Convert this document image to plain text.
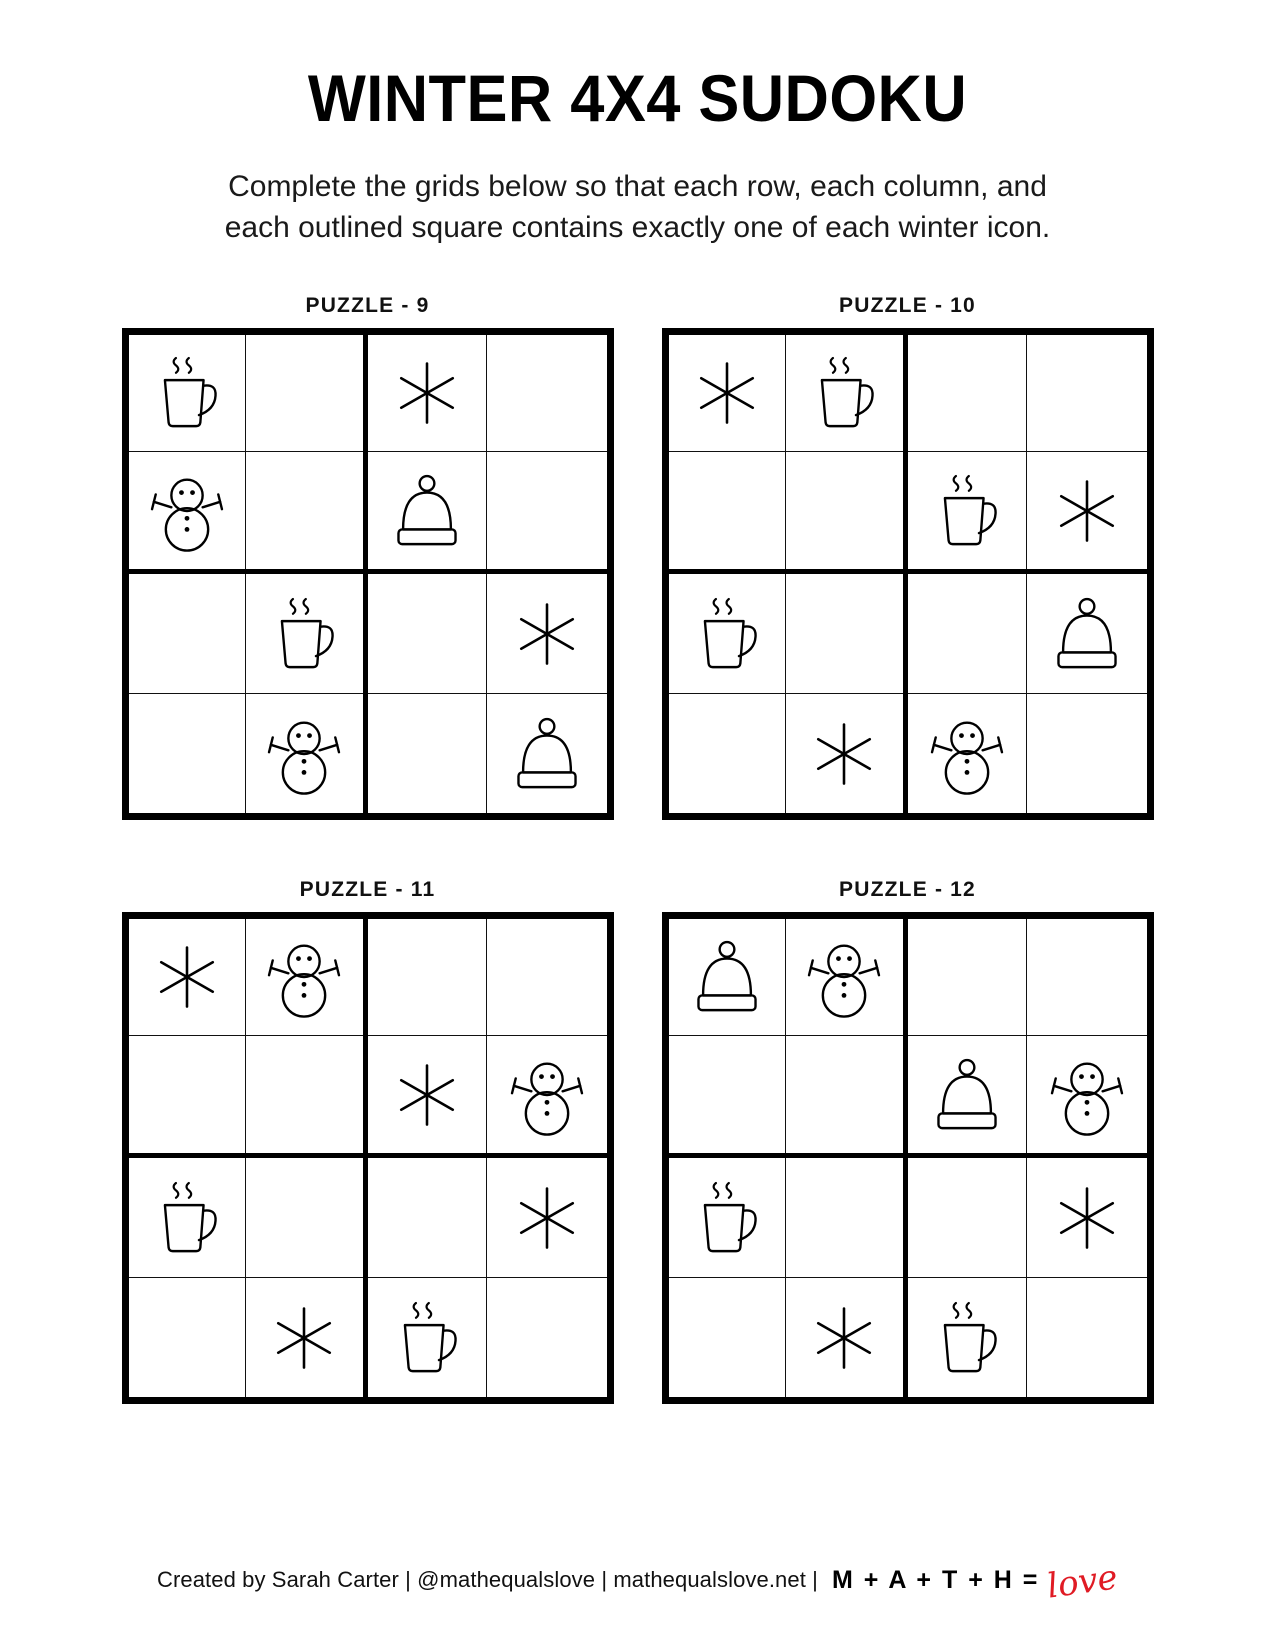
WINTER 4X4 SUDOKU
Complete the grids below so that each row, each column, and
each outlined square contains exactly one of each winter icon.
PUZZLE - 9	PUZZLE - 10
PUZZLE - 11	PUZZLE - 12
Created by Sarah Carter | @mathequalslove | mathequalslove.net | M + A + T + H = love
